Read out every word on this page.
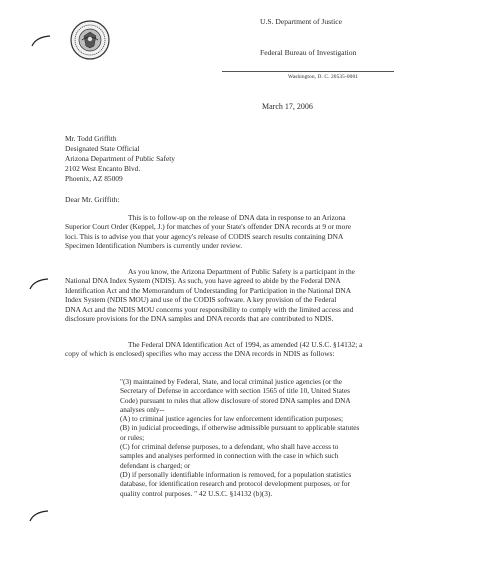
U.S. Department of Justice
Federal Bureau of Investigation
Washington, D. C. 20535-0001
March 17, 2006
Mr. Todd Griffith
Designated State Official
Arizona Department of Public Safety
2102 West Encanto Blvd.
Phoenix, AZ 85009
Dear Mr. Griffith:
This is to follow-up on the release of DNA data in response to an Arizona
Superior Court Order (Keppel, J.) for matches of your State's offender DNA records at 9 or more
loci. This is to advise you that your agency's release of CODIS search results containing DNA
Specimen Identification Numbers is currently under review.
As you know, the Arizona Department of Public Safety is a participant in the
National DNA Index System (NDIS). As such, you have agreed to abide by the Federal DNA
Identification Act and the Memorandum of Understanding for Participation in the National DNA
Index System (NDIS MOU) and use of the CODIS software. A key provision of the Federal
DNA Act and the NDIS MOU concerns your responsibility to comply with the limited access and
disclosure provisions for the DNA samples and DNA records that are contributed to NDIS.
The Federal DNA Identification Act of 1994, as amended (42 U.S.C. §14132; a
copy of which is enclosed) specifies who may access the DNA records in NDIS as follows:
"(3) maintained by Federal, State, and local criminal justice agencies (or the
Secretary of Defense in accordance with section 1565 of title 10, United States
Code) pursuant to rules that allow disclosure of stored DNA samples and DNA
analyses only--
(A) to criminal justice agencies for law enforcement identification purposes;
(B) in judicial proceedings, if otherwise admissible pursuant to applicable statutes
or rules;
(C) for criminal defense purposes, to a defendant, who shall have access to
samples and analyses performed in connection with the case in which such
defendant is charged; or
(D) if personally identifiable information is removed, for a population statistics
database, for identification research and protocol development purposes, or for
quality control purposes. " 42 U.S.C. §14132 (b)(3).
